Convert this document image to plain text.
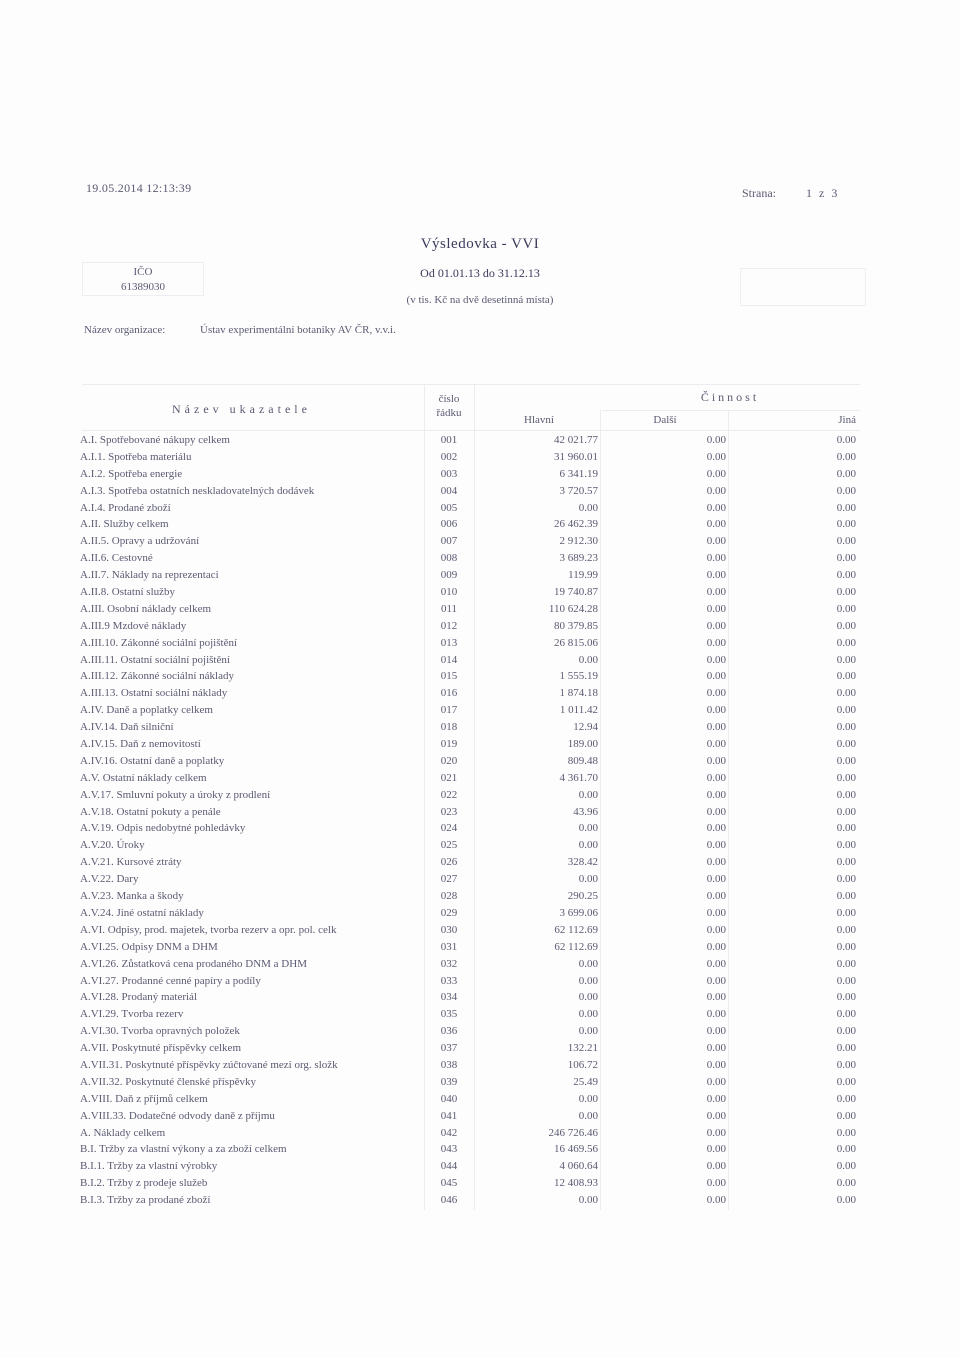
19.05.2014 12:13:39	Strana:	1 z 3
Výsledovka - VVI
IČO
61389030
Od 01.01.13 do 31.12.13
(v tis. Kč na dvě desetinná místa)
Název organizace:	Ústav experimentální botaniky AV ČR, v.v.i.
Název ukazatele
číslo
řádku
Činnost
Hlavní	Další	Jiná
A.I. Spotřebované nákupy celkem	001	42 021.77	0.00	0.00
A.I.1. Spotřeba materiálu	002	31 960.01	0.00	0.00
A.I.2. Spotřeba energie	003	6 341.19	0.00	0.00
A.I.3. Spotřeba ostatních neskladovatelných dodávek	004	3 720.57	0.00	0.00
A.I.4. Prodané zboží	005	0.00	0.00	0.00
A.II. Služby celkem	006	26 462.39	0.00	0.00
A.II.5. Opravy a udržování	007	2 912.30	0.00	0.00
A.II.6. Cestovné	008	3 689.23	0.00	0.00
A.II.7. Náklady na reprezentaci	009	119.99	0.00	0.00
A.II.8. Ostatní služby	010	19 740.87	0.00	0.00
A.III. Osobní náklady celkem	011	110 624.28	0.00	0.00
A.III.9 Mzdové náklady	012	80 379.85	0.00	0.00
A.III.10. Zákonné sociální pojištění	013	26 815.06	0.00	0.00
A.III.11. Ostatní sociální pojištění	014	0.00	0.00	0.00
A.III.12. Zákonné sociální náklady	015	1 555.19	0.00	0.00
A.III.13. Ostatní sociální náklady	016	1 874.18	0.00	0.00
A.IV. Daně a poplatky celkem	017	1 011.42	0.00	0.00
A.IV.14. Daň silniční	018	12.94	0.00	0.00
A.IV.15. Daň z nemovitostí	019	189.00	0.00	0.00
A.IV.16. Ostatní daně a poplatky	020	809.48	0.00	0.00
A.V. Ostatní náklady celkem	021	4 361.70	0.00	0.00
A.V.17. Smluvní pokuty a úroky z prodlení	022	0.00	0.00	0.00
A.V.18. Ostatní pokuty a penále	023	43.96	0.00	0.00
A.V.19. Odpis nedobytné pohledávky	024	0.00	0.00	0.00
A.V.20. Úroky	025	0.00	0.00	0.00
A.V.21. Kursové ztráty	026	328.42	0.00	0.00
A.V.22. Dary	027	0.00	0.00	0.00
A.V.23. Manka a škody	028	290.25	0.00	0.00
A.V.24. Jiné ostatní náklady	029	3 699.06	0.00	0.00
A.VI. Odpisy, prod. majetek, tvorba rezerv a opr. pol. celk	030	62 112.69	0.00	0.00
A.VI.25. Odpisy DNM a DHM	031	62 112.69	0.00	0.00
A.VI.26. Zůstatková cena prodaného DNM a DHM	032	0.00	0.00	0.00
A.VI.27. Prodanné cenné papíry a podíly	033	0.00	0.00	0.00
A.VI.28. Prodaný materiál	034	0.00	0.00	0.00
A.VI.29. Tvorba rezerv	035	0.00	0.00	0.00
A.VI.30. Tvorba opravných položek	036	0.00	0.00	0.00
A.VII. Poskytnuté příspěvky celkem	037	132.21	0.00	0.00
A.VII.31. Poskytnuté příspěvky zúčtované mezi org. složk	038	106.72	0.00	0.00
A.VII.32. Poskytnuté členské příspěvky	039	25.49	0.00	0.00
A.VIII. Daň z příjmů celkem	040	0.00	0.00	0.00
A.VIII.33. Dodatečné odvody daně z příjmu	041	0.00	0.00	0.00
A. Náklady celkem	042	246 726.46	0.00	0.00
B.I. Tržby za vlastní výkony a za zboží celkem	043	16 469.56	0.00	0.00
B.I.1. Tržby za vlastní výrobky	044	4 060.64	0.00	0.00
B.I.2. Tržby z prodeje služeb	045	12 408.93	0.00	0.00
B.I.3. Tržby za prodané zboží	046	0.00	0.00	0.00
